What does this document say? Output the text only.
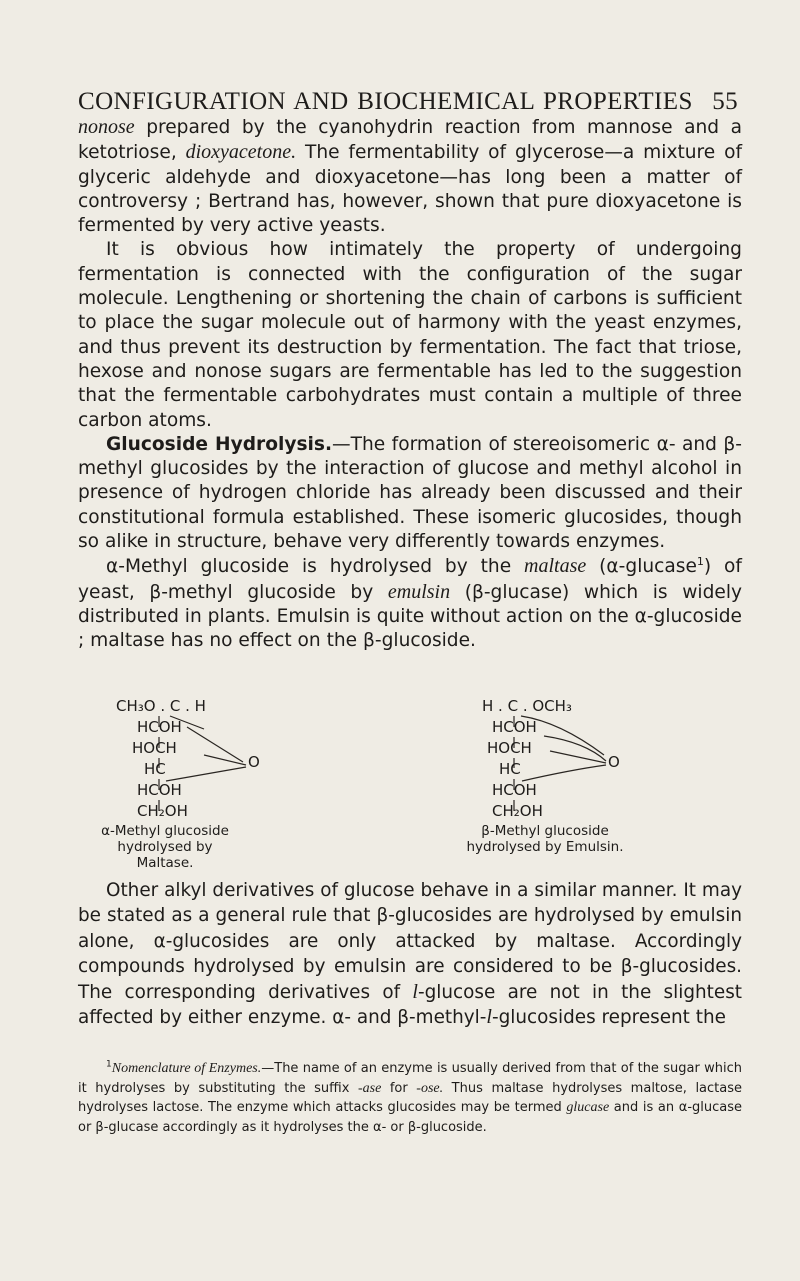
CONFIGURATION AND BIOCHEMICAL PROPERTIES 55

nonose prepared by the cyanohydrin reaction from mannose and a ketotriose, dioxyacetone. The fermentability of glycerose—a mixture of glyceric aldehyde and dioxyacetone—has long been a matter of controversy ; Bertrand has, however, shown that pure dioxyacetone is fermented by very active yeasts.

It is obvious how intimately the property of undergoing fermentation is connected with the configuration of the sugar molecule. Lengthening or shortening the chain of carbons is sufficient to place the sugar molecule out of harmony with the yeast enzymes, and thus prevent its destruction by fermentation. The fact that triose, hexose and nonose sugars are fermentable has led to the suggestion that the fermentable carbohydrates must contain a multiple of three carbon atoms.

Glucoside Hydrolysis.—The formation of stereoisomeric α- and β-methyl glucosides by the interaction of glucose and methyl alcohol in presence of hydrogen chloride has already been discussed and their constitutional formula established. These isomeric glucosides, though so alike in structure, behave very differently towards enzymes.

α-Methyl glucoside is hydrolysed by the maltase (α-glucase$^1$) of yeast, β-methyl glucoside by emulsin (β-glucase) which is widely distributed in plants. Emulsin is quite without action on the α-glucoside ; maltase has no effect on the β-glucoside.

CH₃O . C . H
HCOH
HOCH
O
HC
HCOH
CH₂OH
α-Methyl glucoside
hydrolysed by Maltase.
H . C . OCH₃
HCOH
HOCH
O
HC
HCOH
CH₂OH
β-Methyl glucoside
hydrolysed by Emulsin.

Other alkyl derivatives of glucose behave in a similar manner. It may be stated as a general rule that β-glucosides are hydrolysed by emulsin alone, α-glucosides are only attacked by maltase. Accordingly compounds hydrolysed by emulsin are considered to be β-glucosides. The corresponding derivatives of l-glucose are not in the slightest affected by either enzyme. α- and β-methyl-l-glucosides represent the

$^1$Nomenclature of Enzymes.—The name of an enzyme is usually derived from that of the sugar which it hydrolyses by substituting the suffix -ase for -ose. Thus maltase hydrolyses maltose, lactase hydrolyses lactose. The enzyme which attacks glucosides may be termed glucase and is an α-glucase or β-glucase accordingly as it hydrolyses the α- or β-glucoside.
